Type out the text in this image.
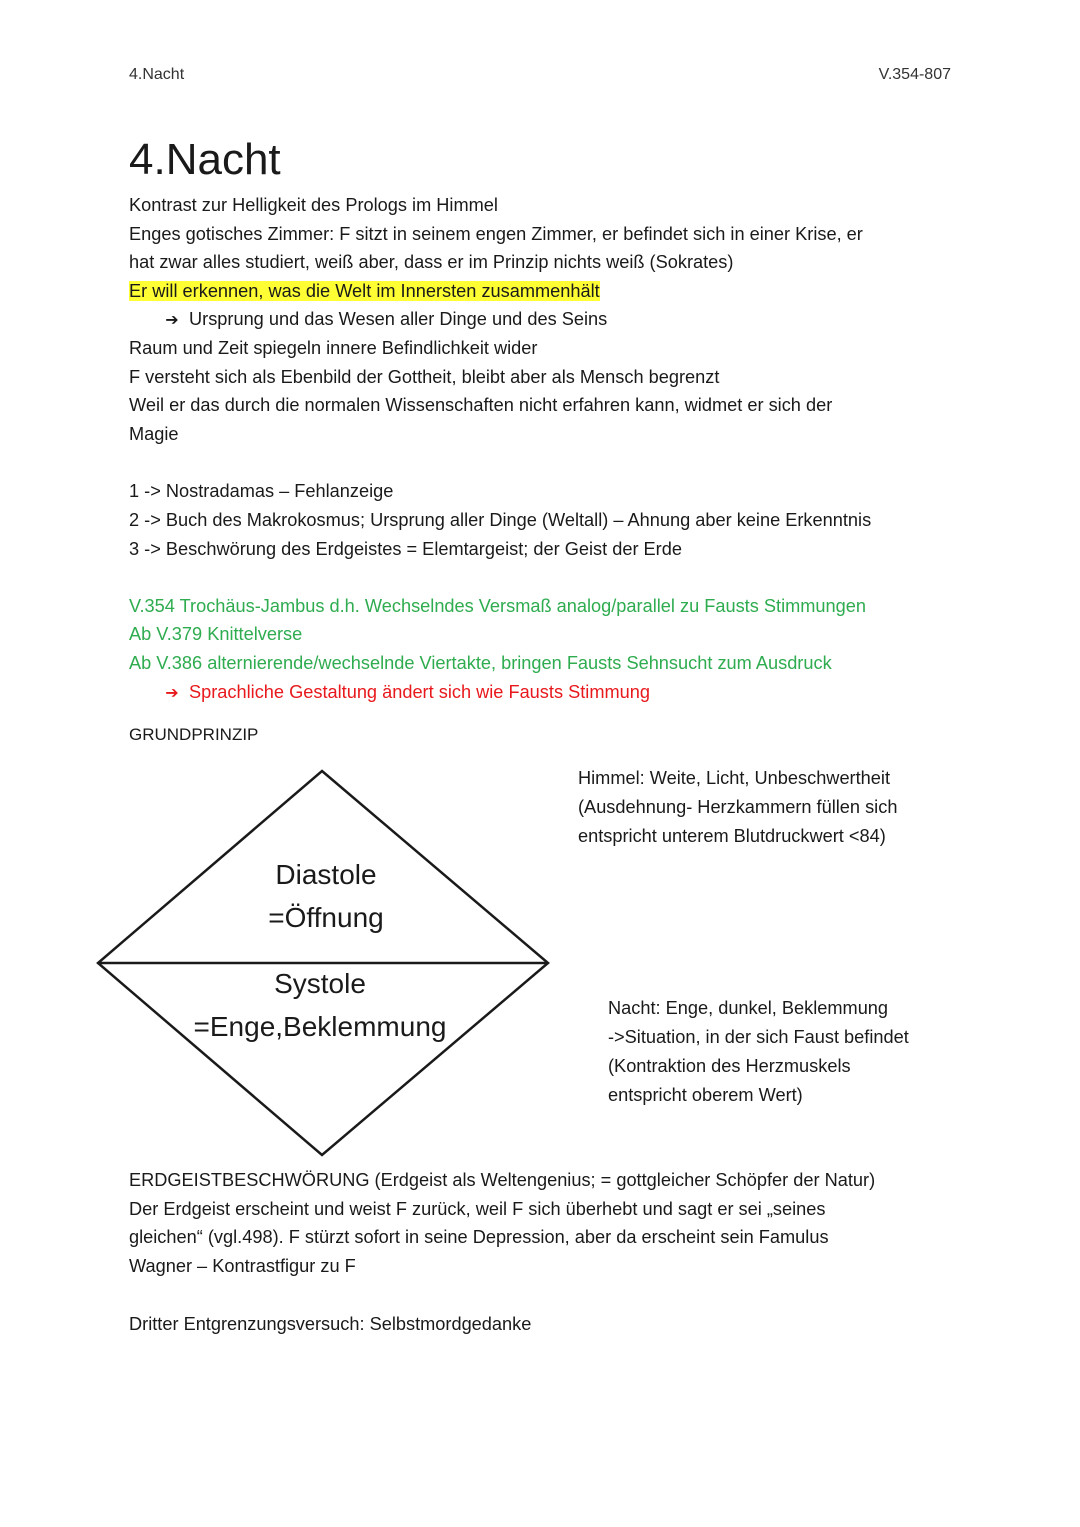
4.Nacht	V.354-807
4.Nacht
Kontrast zur Helligkeit des Prologs im Himmel
Enges gotisches Zimmer: F sitzt in seinem engen Zimmer, er befindet sich in einer Krise, er
hat zwar alles studiert, weiß aber, dass er im Prinzip nichts weiß (Sokrates)
Er will erkennen, was die Welt im Innersten zusammenhält
➔ Ursprung und das Wesen aller Dinge und des Seins
Raum und Zeit spiegeln innere Befindlichkeit wider
F versteht sich als Ebenbild der Gottheit, bleibt aber als Mensch begrenzt
Weil er das durch die normalen Wissenschaften nicht erfahren kann, widmet er sich der
Magie
1 -> Nostradamas – Fehlanzeige
2 -> Buch des Makrokosmus; Ursprung aller Dinge (Weltall) – Ahnung aber keine Erkenntnis
3 -> Beschwörung des Erdgeistes = Elemtargeist; der Geist der Erde
V.354 Trochäus-Jambus d.h. Wechselndes Versmaß analog/parallel zu Fausts Stimmungen
Ab V.379 Knittelverse
Ab V.386 alternierende/wechselnde Viertakte, bringen Fausts Sehnsucht zum Ausdruck
➔ Sprachliche Gestaltung ändert sich wie Fausts Stimmung
GRUNDPRINZIP
Diastole
=Öffnung
Systole
=Enge,Beklemmung
Himmel: Weite, Licht, Unbeschwertheit
(Ausdehnung- Herzkammern füllen sich
entspricht unterem Blutdruckwert <84)
Nacht: Enge, dunkel, Beklemmung
->Situation, in der sich Faust befindet
(Kontraktion des Herzmuskels
entspricht oberem Wert)
ERDGEISTBESCHWÖRUNG (Erdgeist als Weltengenius; = gottgleicher Schöpfer der Natur)
Der Erdgeist erscheint und weist F zurück, weil F sich überhebt und sagt er sei „seines
gleichen“ (vgl.498). F stürzt sofort in seine Depression, aber da erscheint sein Famulus
Wagner – Kontrastfigur zu F
Dritter Entgrenzungsversuch: Selbstmordgedanke
